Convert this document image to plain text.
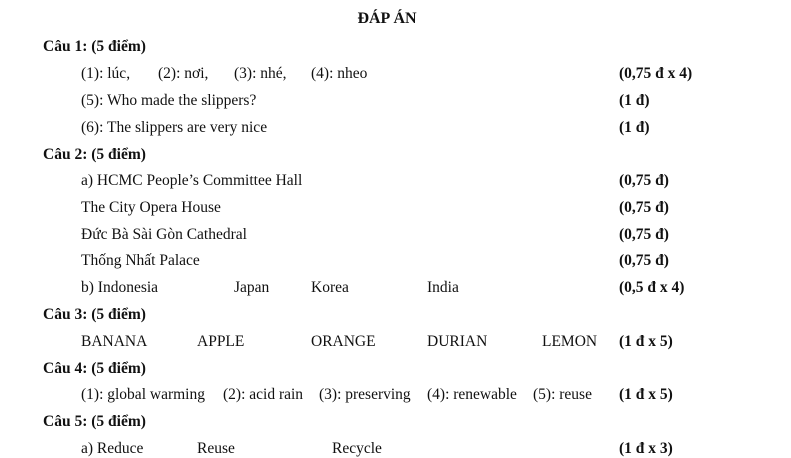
ĐÁP ÁN
Câu 1: (5 điểm)
(1): lúc, (2): nơi, (3): nhé, (4): nheo	(0,75 đ x 4)
(5): Who made the slippers?	(1 đ)
(6): The slippers are very nice	(1 đ)
Câu 2: (5 điểm)
a) HCMC People’s Committee Hall	(0,75 đ)
The City Opera House	(0,75 đ)
Đức Bà Sài Gòn Cathedral	(0,75 đ)
Thống Nhất Palace	(0,75 đ)
b) Indonesia	Japan	Korea	India	(0,5 đ x 4)
Câu 3: (5 điểm)
BANANA	APPLE	ORANGE	DURIAN	LEMON (1 đ x 5)
Câu 4: (5 điểm)
(1): global warming (2): acid rain (3): preserving (4): renewable (5): reuse (1 đ x 5)
Câu 5: (5 điểm)
a) Reduce	Reuse	Recycle	(1 đ x 3)
